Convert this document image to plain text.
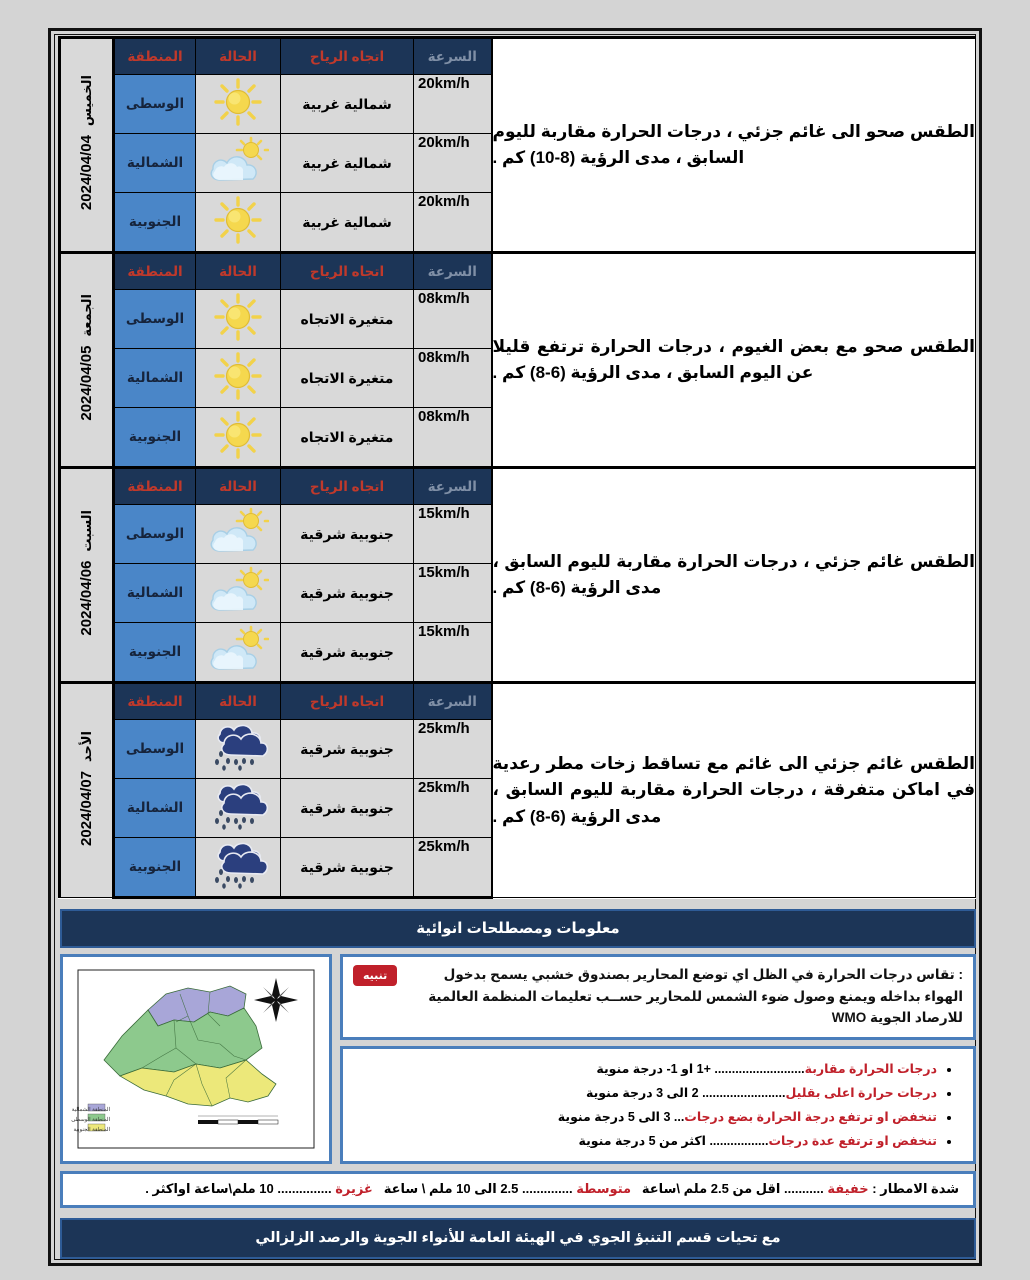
الطقس صحو الى غائم جزئي ، درجات الحرارة مقاربة لليوم السابق ، مدى الرؤية (8-10) كم .	السرعة	اتجاه الرياح	الحالة	المنطقة	الخميس  2024/04/04

	20km/h	شمالية غربية		الوسطى	

	20km/h	شمالية غربية		الشمالية	

	20km/h	شمالية غربية		الجنوبية	
الطقس صحو مع بعض الغيوم ، درجات الحرارة ترتفع قليلا عن اليوم السابق ، مدى الرؤية (6-8) كم .	السرعة	اتجاه الرياح	الحالة	المنطقة	الجمعة  2024/04/05

	08km/h	متغيرة الاتجاه		الوسطى	

	08km/h	متغيرة الاتجاه		الشمالية	

	08km/h	متغيرة الاتجاه		الجنوبية	
الطقس غائم جزئي ، درجات الحرارة مقاربة لليوم السابق ، مدى الرؤية (6-8) كم .	السرعة	اتجاه الرياح	الحالة	المنطقة	السبت  2024/04/06

	15km/h	جنوبية شرقية		الوسطى	

	15km/h	جنوبية شرقية		الشمالية	

	15km/h	جنوبية شرقية		الجنوبية	
الطقس غائم جزئي الى غائم مع تساقط زخات مطر رعدية في اماكن متفرقة ، درجات الحرارة مقاربة لليوم السابق ، مدى الرؤية (6-8) كم .	السرعة	اتجاه الرياح	الحالة	المنطقة	الأحد  2024/04/07

	25km/h	جنوبية شرقية		الوسطى	

	25km/h	جنوبية شرقية		الشمالية	

	25km/h	جنوبية شرقية		الجنوبية	
معلومات ومصطلحات انوائية
تنبيه	: تقاس درجات الحرارة في الظل اي توضع المحارير بصندوق خشبي يسمح بدخول الهواء بداخله ويمنع وصول ضوء الشمس للمحارير حســب تعليمات المنظمة العالمية للارصاد الجوية WMO
• درجات الحرارة مقاربة.......................... +1 او 1- درجة منوية
• درجات حرارة اعلى بقليل........................ 2 الى 3 درجة منوية
• تنخفض او ترتفع درجة الحرارة بضع درجات... 3 الى 5 درجة منوية
• تنخفض او ترتفع عدة درجات................. اكثر من 5 درجة منوية
المنطقة الشمالية
المنطقة الوسطى
المنطقة الجنوبية
شدة الامطار : خفيفة ........... اقل من 2.5 ملم \ساعة   متوسطة .............. 2.5 الى 10 ملم \ ساعة   غزيرة ............... 10 ملم\ساعة اواكثر .
مع تحيات قسم التنبؤ الجوي في الهيئة العامة للأنواء الجوية والرصد الزلزالي
